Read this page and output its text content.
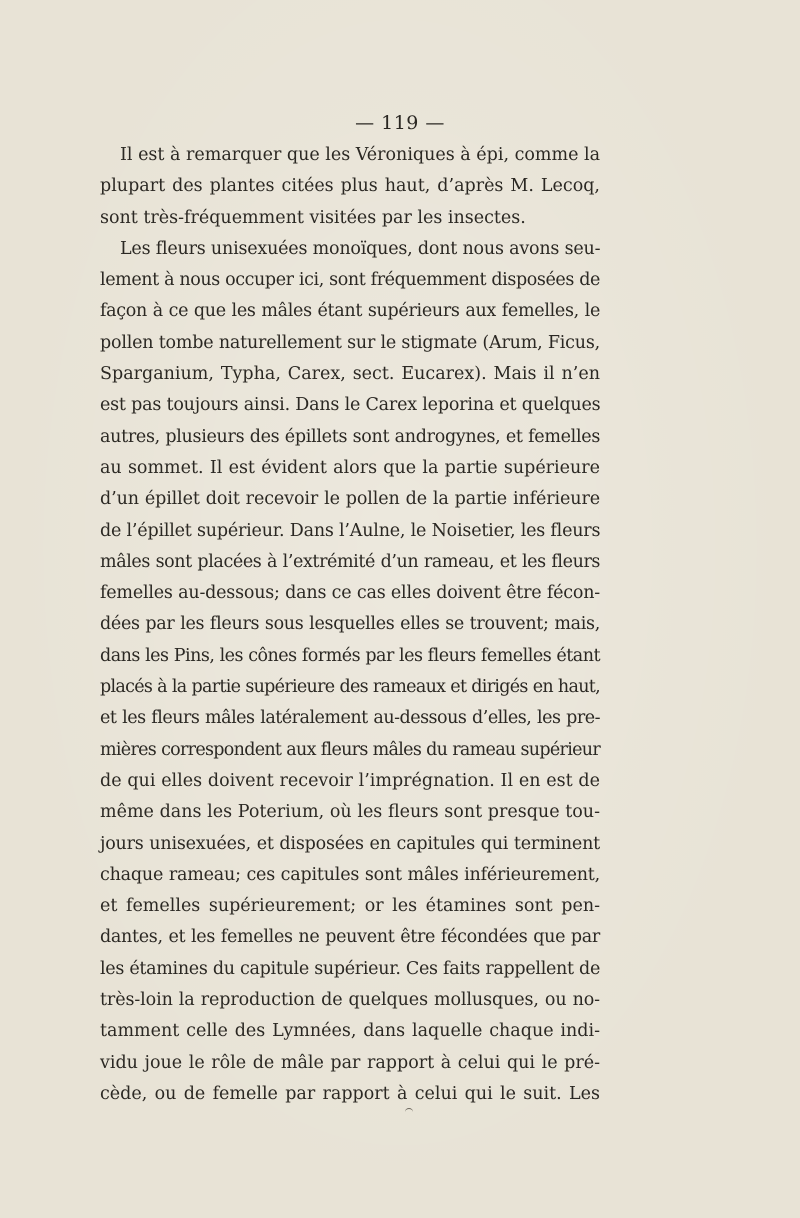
— 119 —
Il est à remarquer que les Véroniques à épi, comme la
plupart des plantes citées plus haut, d’après M. Lecoq,
sont très-fréquemment visitées par les insectes.
Les fleurs unisexuées monoïques, dont nous avons seu-
lement à nous occuper ici, sont fréquemment disposées de
façon à ce que les mâles étant supérieurs aux femelles, le
pollen tombe naturellement sur le stigmate (Arum, Ficus,
Sparganium, Typha, Carex, sect. Eucarex). Mais il n’en
est pas toujours ainsi. Dans le Carex leporina et quelques
autres, plusieurs des épillets sont androgynes, et femelles
au sommet. Il est évident alors que la partie supérieure
d’un épillet doit recevoir le pollen de la partie inférieure
de l’épillet supérieur. Dans l’Aulne, le Noisetier, les fleurs
mâles sont placées à l’extrémité d’un rameau, et les fleurs
femelles au-dessous; dans ce cas elles doivent être fécon-
dées par les fleurs sous lesquelles elles se trouvent; mais,
dans les Pins, les cônes formés par les fleurs femelles étant
placés à la partie supérieure des rameaux et dirigés en haut,
et les fleurs mâles latéralement au-dessous d’elles, les pre-
mières correspondent aux fleurs mâles du rameau supérieur
de qui elles doivent recevoir l’imprégnation. Il en est de
même dans les Poterium, où les fleurs sont presque tou-
jours unisexuées, et disposées en capitules qui terminent
chaque rameau; ces capitules sont mâles inférieurement,
et femelles supérieurement; or les étamines sont pen-
dantes, et les femelles ne peuvent être fécondées que par
les étamines du capitule supérieur. Ces faits rappellent de
très-loin la reproduction de quelques mollusques, ou no-
tamment celle des Lymnées, dans laquelle chaque indi-
vidu joue le rôle de mâle par rapport à celui qui le pré-
cède, ou de femelle par rapport à celui qui le suit. Les
